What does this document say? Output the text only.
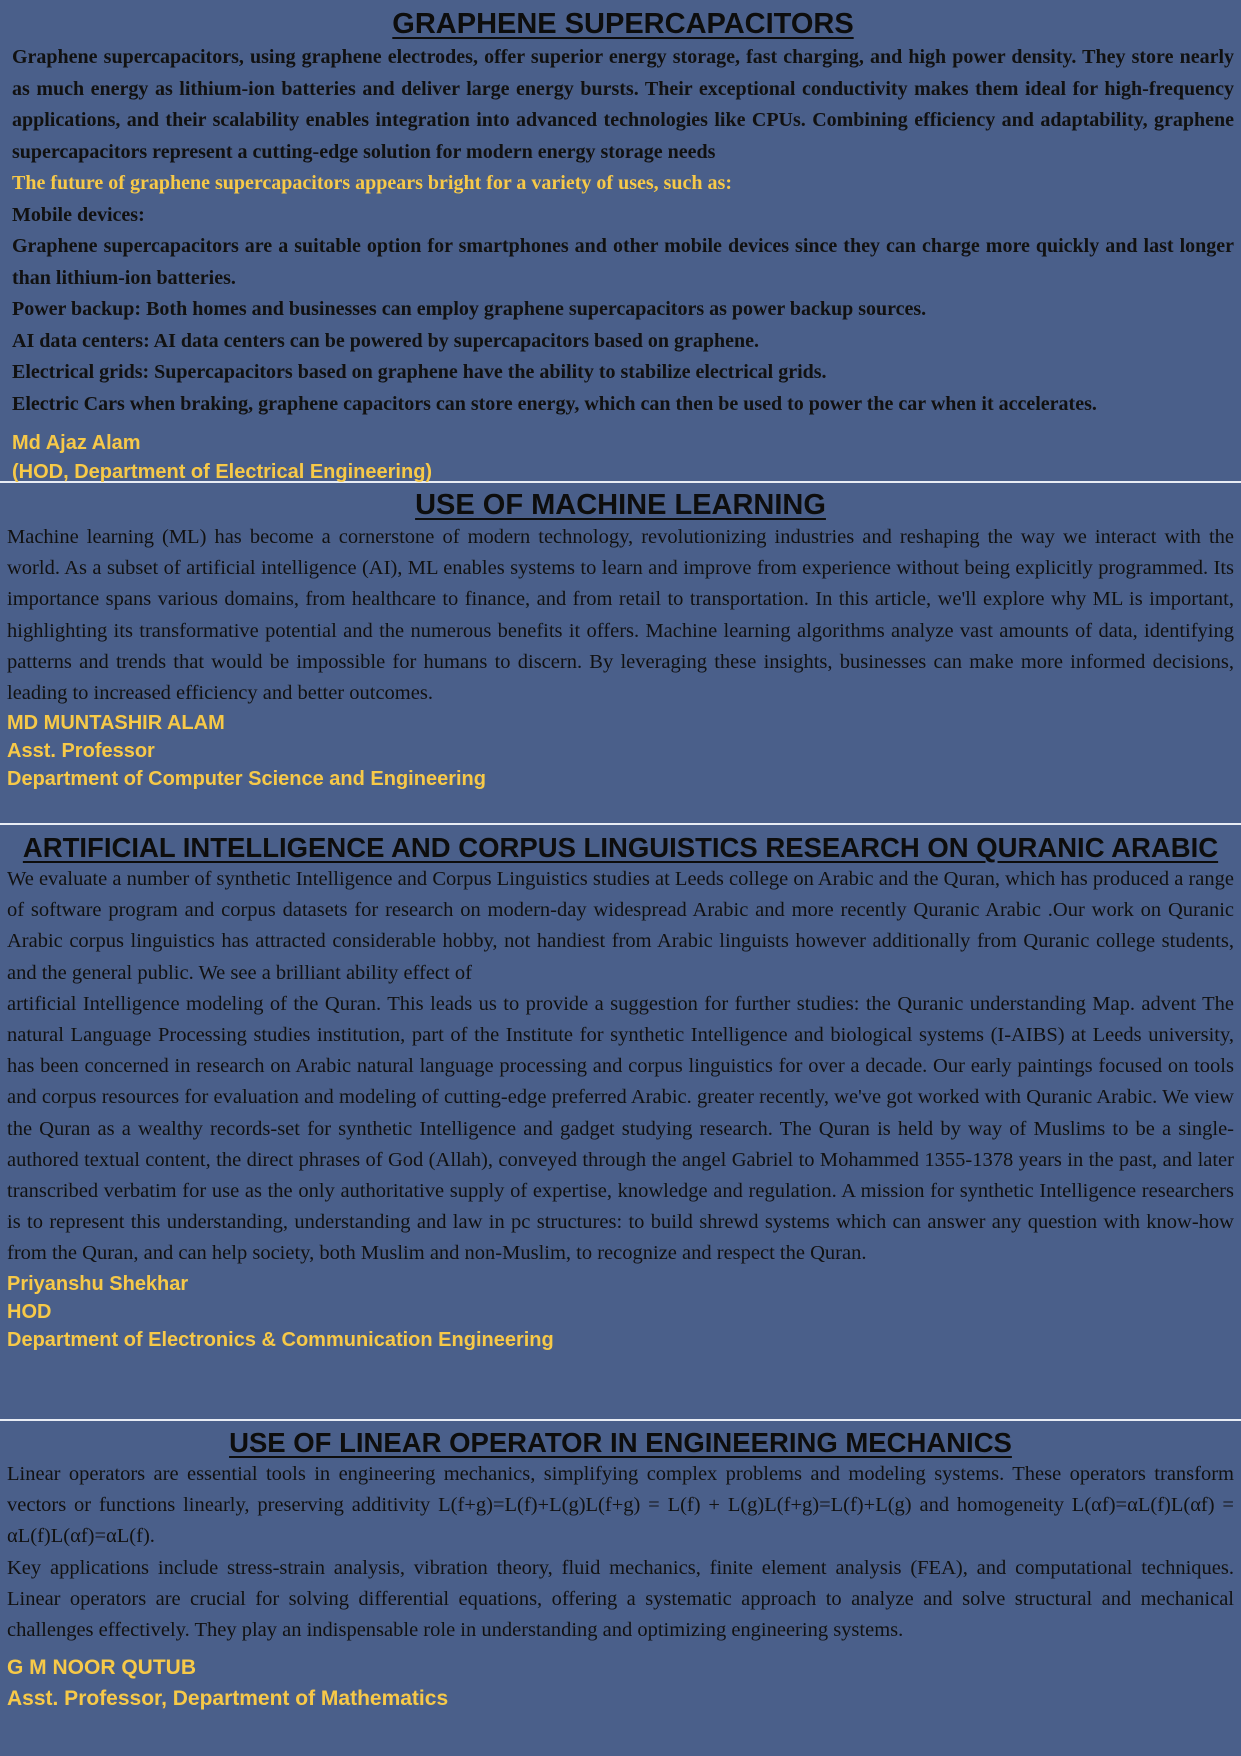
GRAPHENE SUPERCAPACITORS

Graphene supercapacitors, using graphene electrodes, offer superior energy storage, fast charging, and high power density. They store nearly as much energy as lithium-ion batteries and deliver large energy bursts. Their exceptional conductivity makes them ideal for high-frequency applications, and their scalability enables integration into advanced technologies like CPUs. Combining efficiency and adaptability, graphene supercapacitors represent a cutting-edge solution for modern energy storage needs

The future of graphene supercapacitors appears bright for a variety of uses, such as:

Mobile devices:

Graphene supercapacitors are a suitable option for smartphones and other mobile devices since they can charge more quickly and last longer than lithium-ion batteries.

Power backup: Both homes and businesses can employ graphene supercapacitors as power backup sources.

AI data centers: AI data centers can be powered by supercapacitors based on graphene.

Electrical grids: Supercapacitors based on graphene have the ability to stabilize electrical grids.

Electric Cars when braking, graphene capacitors can store energy, which can then be used to power the car when it accelerates.

Md Ajaz Alam

(HOD, Department of Electrical Engineering)

USE OF MACHINE LEARNING

Machine learning (ML) has become a cornerstone of modern technology, revolutionizing industries and reshaping the way we interact with the world. As a subset of artificial intelligence (AI), ML enables systems to learn and improve from experience without being explicitly programmed. Its importance spans various domains, from healthcare to finance, and from retail to transportation. In this article, we'll explore why ML is important, highlighting its transformative potential and the numerous benefits it offers. Machine learning algorithms analyze vast amounts of data, identifying patterns and trends that would be impossible for humans to discern. By leveraging these insights, businesses can make more informed decisions, leading to increased efficiency and better outcomes.

MD MUNTASHIR ALAM

Asst. Professor

Department of Computer Science and Engineering

ARTIFICIAL INTELLIGENCE AND CORPUS LINGUISTICS RESEARCH ON QURANIC ARABIC

We evaluate a number of synthetic Intelligence and Corpus Linguistics studies at Leeds college on Arabic and the Quran, which has produced a range of software program and corpus datasets for research on modern-day widespread Arabic and more recently Quranic Arabic .Our work on Quranic Arabic corpus linguistics has attracted considerable hobby, not handiest from Arabic linguists however additionally from Quranic college students, and the general public. We see a brilliant ability effect of

artificial Intelligence modeling of the Quran. This leads us to provide a suggestion for further studies: the Quranic understanding Map. advent The natural Language Processing studies institution, part of the Institute for synthetic Intelligence and biological systems (I-AIBS) at Leeds university, has been concerned in research on Arabic natural language processing and corpus linguistics for over a decade. Our early paintings focused on tools and corpus resources for evaluation and modeling of cutting-edge preferred Arabic. greater recently, we've got worked with Quranic Arabic. We view the Quran as a wealthy records-set for synthetic Intelligence and gadget studying research. The Quran is held by way of Muslims to be a single-authored textual content, the direct phrases of God (Allah), conveyed through the angel Gabriel to Mohammed 1355-1378 years in the past, and later transcribed verbatim for use as the only authoritative supply of expertise, knowledge and regulation. A mission for synthetic Intelligence researchers is to represent this understanding, understanding and law in pc structures: to build shrewd systems which can answer any question with know-how from the Quran, and can help society, both Muslim and non-Muslim, to recognize and respect the Quran.

Priyanshu Shekhar

HOD

Department of Electronics & Communication Engineering

USE OF LINEAR OPERATOR IN ENGINEERING MECHANICS

Linear operators are essential tools in engineering mechanics, simplifying complex problems and modeling systems. These operators transform vectors or functions linearly, preserving additivity L(f+g)=L(f)+L(g)L(f+g) = L(f) + L(g)L(f+g)=L(f)+L(g) and homogeneity L(αf)=αL(f)L(αf) = αL(f)L(αf)=αL(f).

Key applications include stress-strain analysis, vibration theory, fluid mechanics, finite element analysis (FEA), and computational techniques. Linear operators are crucial for solving differential equations, offering a systematic approach to analyze and solve structural and mechanical challenges effectively. They play an indispensable role in understanding and optimizing engineering systems.

G M NOOR QUTUB

Asst. Professor, Department of Mathematics
